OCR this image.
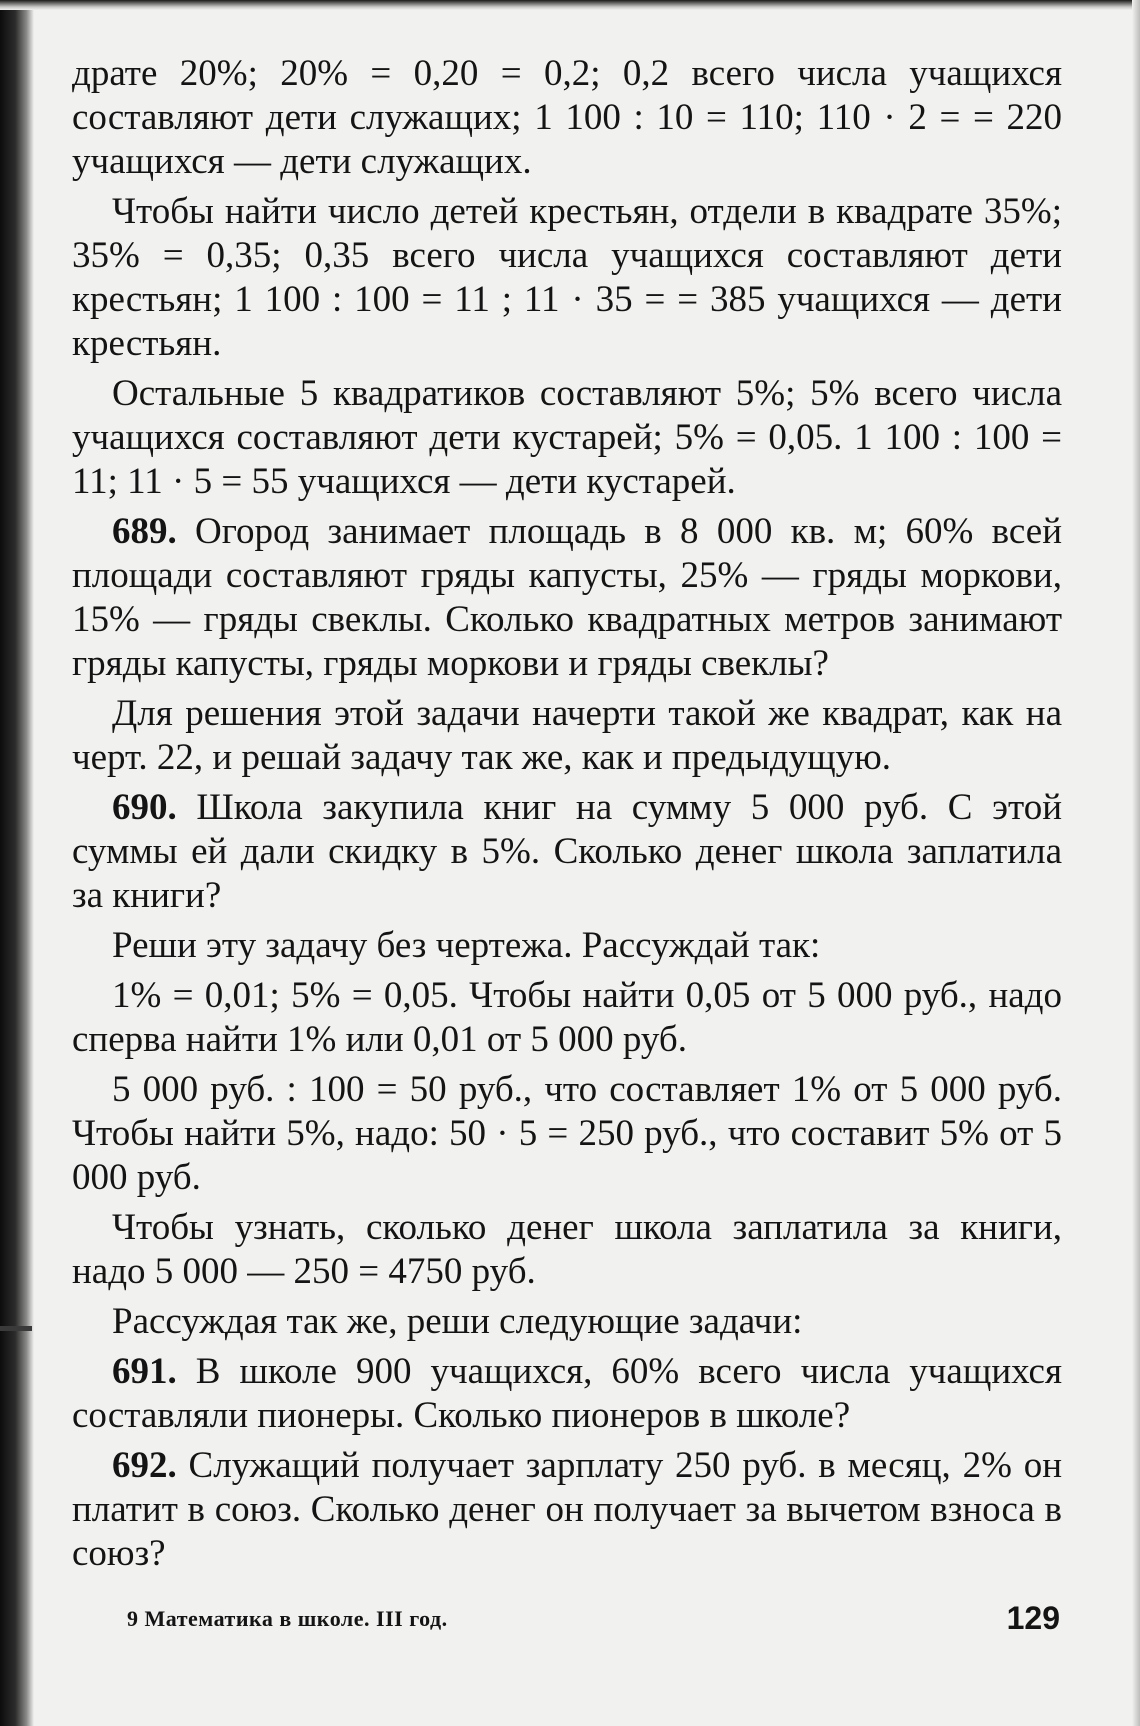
драте 20%; 20% = 0,20 = 0,2; 0,2 всего числа учащихся составляют дети служащих; 1 100 : 10 = 110; 110 · 2 = = 220 учащихся — дети служащих.

Чтобы найти число детей крестьян, отдели в квадрате 35%; 35% = 0,35; 0,35 всего числа учащихся составляют дети крестьян; 1 100 : 100 = 11 ; 11 · 35 = = 385 учащихся — дети крестьян.

Остальные 5 квадратиков составляют 5%; 5% всего числа учащихся составляют дети кустарей; 5% = 0,05. 1 100 : 100 = 11; 11 · 5 = 55 учащихся — дети кустарей.

689. Огород занимает площадь в 8 000 кв. м; 60% всей площади составляют гряды капусты, 25% — гряды моркови, 15% — гряды свеклы. Сколько квадратных метров занимают гряды капусты, гряды моркови и гряды свеклы?

Для решения этой задачи начерти такой же квадрат, как на черт. 22, и решай задачу так же, как и предыдущую.

690. Школа закупила книг на сумму 5 000 руб. С этой суммы ей дали скидку в 5%. Сколько денег школа заплатила за книги?

Реши эту задачу без чертежа. Рассуждай так:

1% = 0,01; 5% = 0,05. Чтобы найти 0,05 от 5 000 руб., надо сперва найти 1% или 0,01 от 5 000 руб.

5 000 руб. : 100 = 50 руб., что составляет 1% от 5 000 руб. Чтобы найти 5%, надо: 50 · 5 = 250 руб., что составит 5% от 5 000 руб.

Чтобы узнать, сколько денег школа заплатила за книги, надо 5 000 — 250 = 4750 руб.

Рассуждая так же, реши следующие задачи:

691. В школе 900 учащихся, 60% всего числа учащихся составляли пионеры. Сколько пионеров в школе?

692. Служащий получает зарплату 250 руб. в месяц, 2% он платит в союз. Сколько денег он получает за вычетом взноса в союз?

9 Математика в школе. III год.	129
